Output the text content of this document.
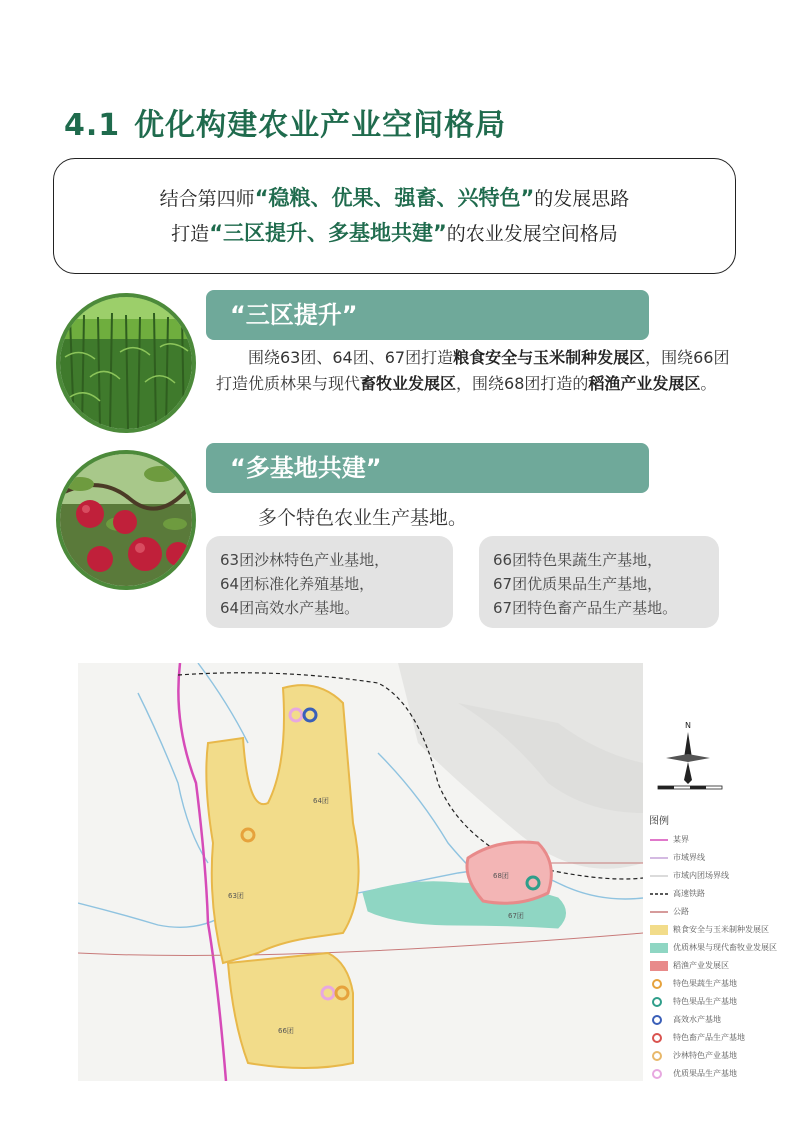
4.1 优化构建农业产业空间格局
结合第四师“稳粮、优果、强畜、兴特色”的发展思路
打造“三区提升、多基地共建”的农业发展空间格局
“三区提升”
围绕63团、64团、67团打造粮食安全与玉米制种发展区，围绕66团打造优质林果与现代畜牧业发展区，围绕68团打造的稻渔产业发展区。
“多基地共建”
多个特色农业生产基地。
63团沙林特色产业基地，
64团标准化养殖基地，
64团高效水产基地。
66团特色果蔬生产基地，
67团优质果品生产基地，
67团特色畜产品生产基地。
64团
63团
67团
66团
68团
N
图例
某界
市域界线
市域内团场界线
高速铁路
公路
粮食安全与玉米制种发展区
优质林果与现代畜牧业发展区
稻渔产业发展区
特色果蔬生产基地
特色果品生产基地
高效水产基地
特色畜产品生产基地
沙林特色产业基地
优质果品生产基地
